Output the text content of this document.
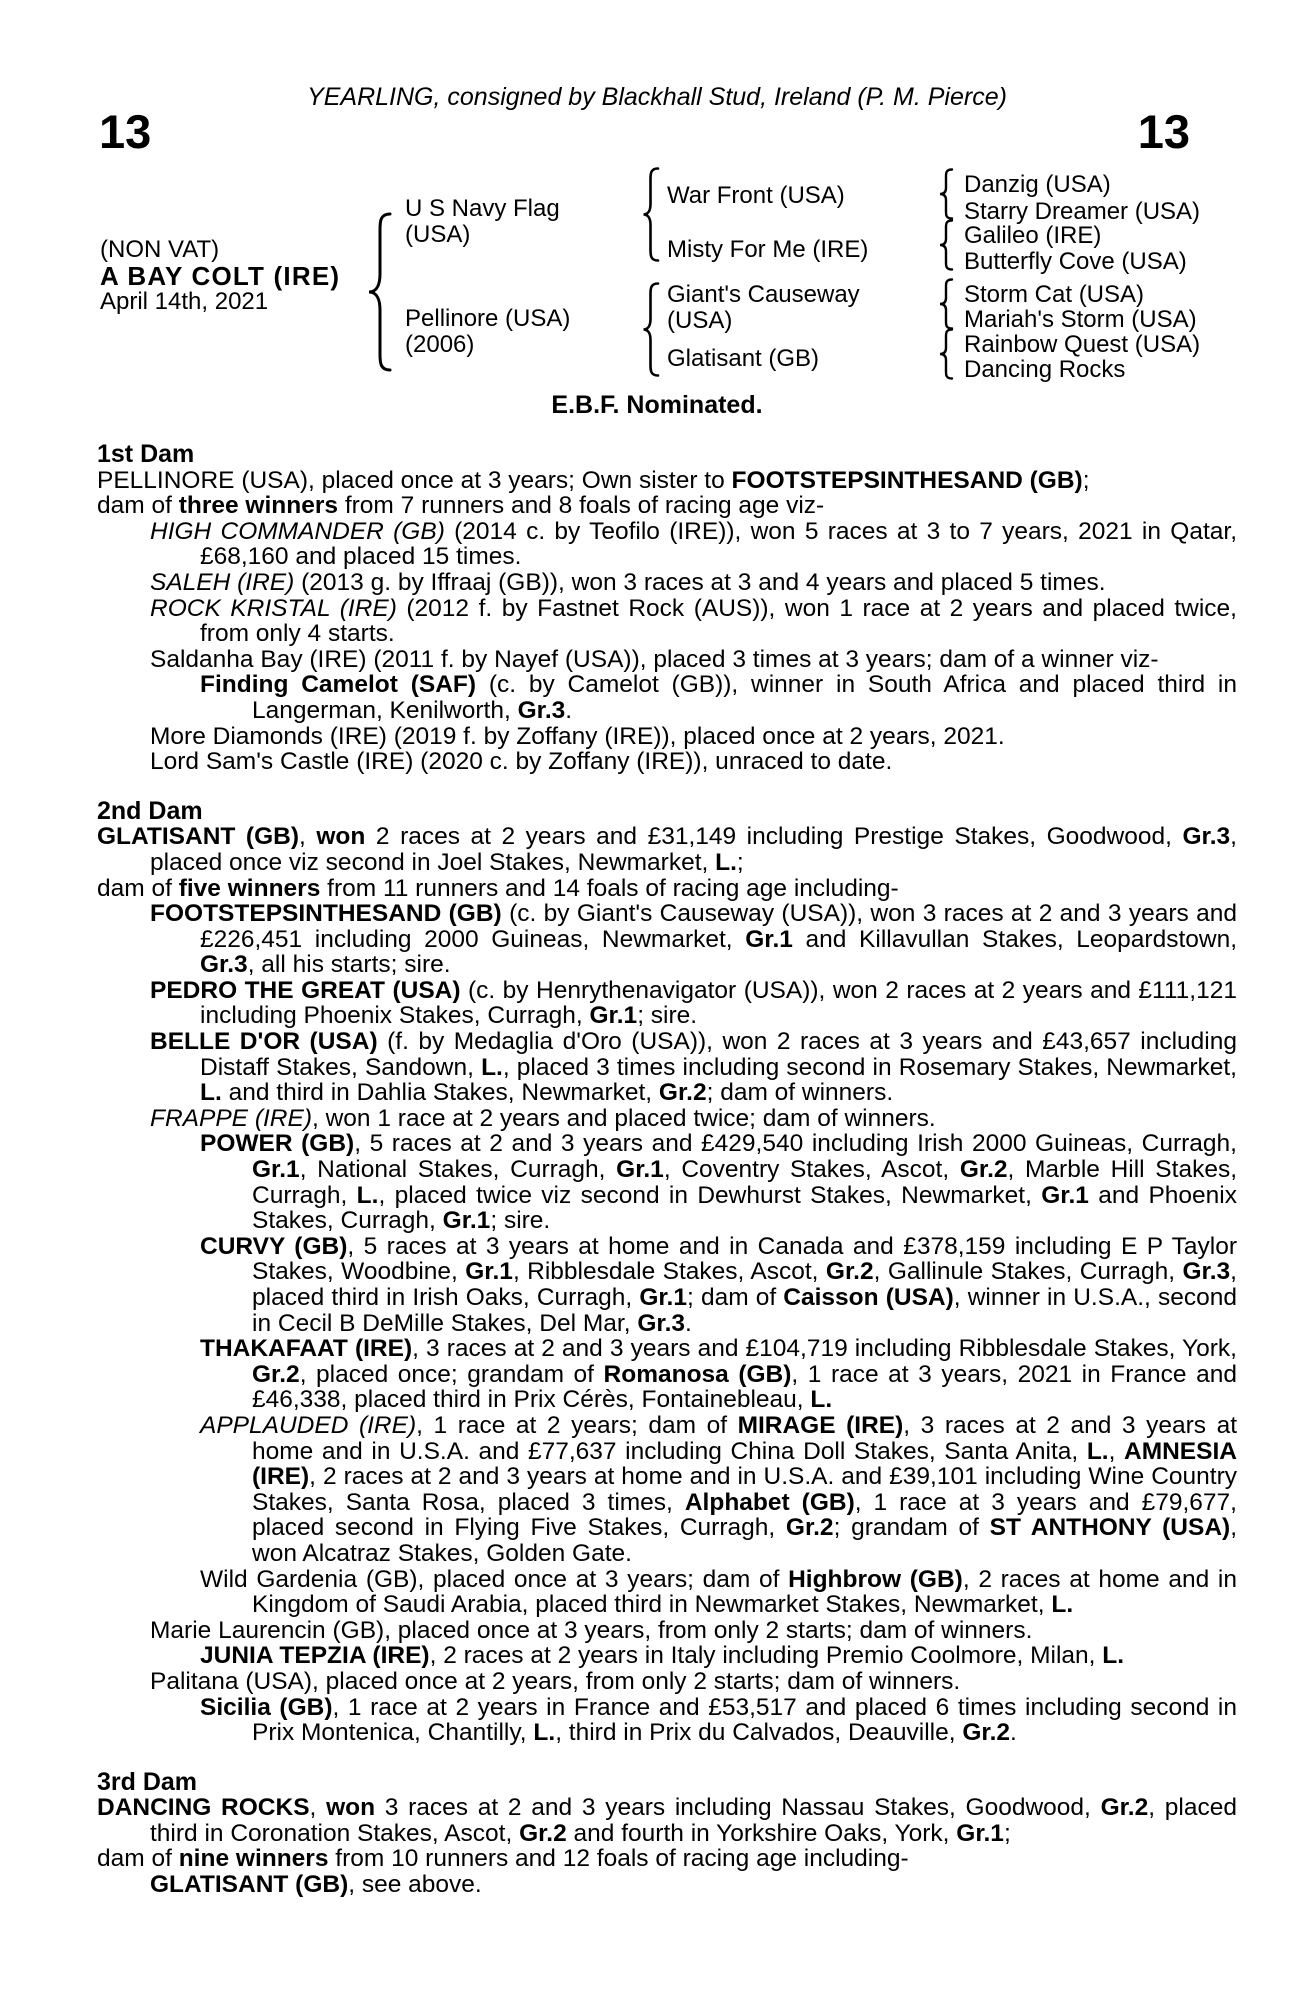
YEARLING, consigned by Blackhall Stud, Ireland (P. M. Pierce)
13	13
(NON VAT)
A BAY COLT (IRE)
April 14th, 2021
U S Navy Flag
(USA)
Pellinore (USA)
(2006)
War Front (USA)
Misty For Me (IRE)
Giant's Causeway
(USA)
Glatisant (GB)
Danzig (USA)
Starry Dreamer (USA)
Galileo (IRE)
Butterfly Cove (USA)
Storm Cat (USA)
Mariah's Storm (USA)
Rainbow Quest (USA)
Dancing Rocks
E.B.F. Nominated.
1st Dam

PELLINORE (USA), placed once at 3 years; Own sister to FOOTSTEPSINTHESAND (GB);

dam of three winners from 7 runners and 8 foals of racing age viz-

HIGH COMMANDER (GB) (2014 c. by Teofilo (IRE)), won 5 races at 3 to 7 years, 2021 in Qatar, £68,160 and placed 15 times.

SALEH (IRE) (2013 g. by Iffraaj (GB)), won 3 races at 3 and 4 years and placed 5 times.

ROCK KRISTAL (IRE) (2012 f. by Fastnet Rock (AUS)), won 1 race at 2 years and placed twice, from only 4 starts.

Saldanha Bay (IRE) (2011 f. by Nayef (USA)), placed 3 times at 3 years; dam of a winner viz-

Finding Camelot (SAF) (c. by Camelot (GB)), winner in South Africa and placed third in Langerman, Kenilworth, Gr.3.

More Diamonds (IRE) (2019 f. by Zoffany (IRE)), placed once at 2 years, 2021.

Lord Sam's Castle (IRE) (2020 c. by Zoffany (IRE)), unraced to date.

2nd Dam

GLATISANT (GB), won 2 races at 2 years and £31,149 including Prestige Stakes, Goodwood, Gr.3, placed once viz second in Joel Stakes, Newmarket, L.;

dam of five winners from 11 runners and 14 foals of racing age including-

FOOTSTEPSINTHESAND (GB) (c. by Giant's Causeway (USA)), won 3 races at 2 and 3 years and £226,451 including 2000 Guineas, Newmarket, Gr.1 and Killavullan Stakes, Leopardstown, Gr.3, all his starts; sire.

PEDRO THE GREAT (USA) (c. by Henrythenavigator (USA)), won 2 races at 2 years and £111,121 including Phoenix Stakes, Curragh, Gr.1; sire.

BELLE D'OR (USA) (f. by Medaglia d'Oro (USA)), won 2 races at 3 years and £43,657 including Distaff Stakes, Sandown, L., placed 3 times including second in Rosemary Stakes, Newmarket, L. and third in Dahlia Stakes, Newmarket, Gr.2; dam of winners.

FRAPPE (IRE), won 1 race at 2 years and placed twice; dam of winners.

POWER (GB), 5 races at 2 and 3 years and £429,540 including Irish 2000 Guineas, Curragh, Gr.1, National Stakes, Curragh, Gr.1, Coventry Stakes, Ascot, Gr.2, Marble Hill Stakes, Curragh, L., placed twice viz second in Dewhurst Stakes, Newmarket, Gr.1 and Phoenix Stakes, Curragh, Gr.1; sire.

CURVY (GB), 5 races at 3 years at home and in Canada and £378,159 including E P Taylor Stakes, Woodbine, Gr.1, Ribblesdale Stakes, Ascot, Gr.2, Gallinule Stakes, Curragh, Gr.3, placed third in Irish Oaks, Curragh, Gr.1; dam of Caisson (USA), winner in U.S.A., second in Cecil B DeMille Stakes, Del Mar, Gr.3.

THAKAFAAT (IRE), 3 races at 2 and 3 years and £104,719 including Ribblesdale Stakes, York, Gr.2, placed once; grandam of Romanosa (GB), 1 race at 3 years, 2021 in France and £46,338, placed third in Prix Cérès, Fontainebleau, L.

APPLAUDED (IRE), 1 race at 2 years; dam of MIRAGE (IRE), 3 races at 2 and 3 years at home and in U.S.A. and £77,637 including China Doll Stakes, Santa Anita, L., AMNESIA (IRE), 2 races at 2 and 3 years at home and in U.S.A. and £39,101 including Wine Country Stakes, Santa Rosa, placed 3 times, Alphabet (GB), 1 race at 3 years and £79,677, placed second in Flying Five Stakes, Curragh, Gr.2; grandam of ST ANTHONY (USA), won Alcatraz Stakes, Golden Gate.

Wild Gardenia (GB), placed once at 3 years; dam of Highbrow (GB), 2 races at home and in Kingdom of Saudi Arabia, placed third in Newmarket Stakes, Newmarket, L.

Marie Laurencin (GB), placed once at 3 years, from only 2 starts; dam of winners.

JUNIA TEPZIA (IRE), 2 races at 2 years in Italy including Premio Coolmore, Milan, L.

Palitana (USA), placed once at 2 years, from only 2 starts; dam of winners.

Sicilia (GB), 1 race at 2 years in France and £53,517 and placed 6 times including second in Prix Montenica, Chantilly, L., third in Prix du Calvados, Deauville, Gr.2.

3rd Dam

DANCING ROCKS, won 3 races at 2 and 3 years including Nassau Stakes, Goodwood, Gr.2, placed third in Coronation Stakes, Ascot, Gr.2 and fourth in Yorkshire Oaks, York, Gr.1;

dam of nine winners from 10 runners and 12 foals of racing age including-

GLATISANT (GB), see above.
